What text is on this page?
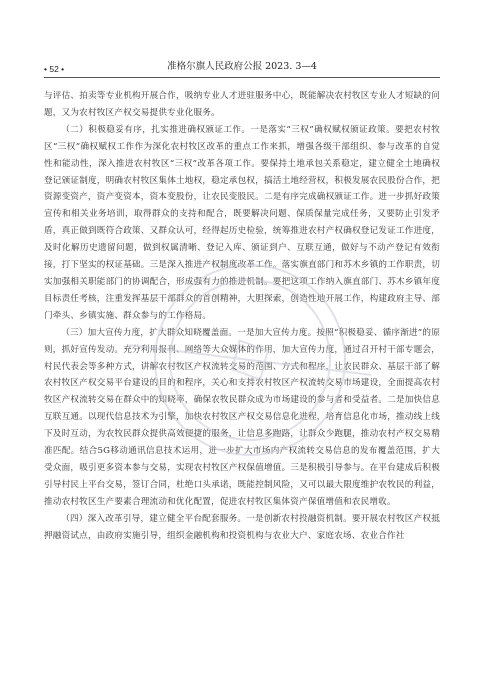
• 52 •	准格尔旗人民政府公报 2023. 3—4

与评估、拍卖等专业机构开展合作，吸纳专业人才进驻服务中心，既能解决农村牧区专业人才短缺的问题，又为农村牧区产权交易提供专业化服务。

（二）积极稳妥有序，扎实推进确权颁证工作。一是落实“三权”确权赋权颁证政策。要把农村牧区“三权”确权赋权工作作为深化农村牧区改革的重点工作来抓，增强各级干部组织、参与改革的自觉性和能动性，深入推进农村牧区“三权”改革各项工作。要保持土地承包关系稳定，建立健全土地确权登记颁证制度，明确农村牧区集体土地权，稳定承包权，搞活土地经营权，积极发展农民股份合作，把资源变资产，资产变资本，资本变股份，让农民变股民。二是有序完成确权颁证工作。进一步抓好政策宣传和相关业务培训，取得群众的支持和配合，既要解决问题、保质保量完成任务，又要防止引发矛盾，真正做到既符合政策、又群众认可，经得起历史检验，统筹推进农村产权确权登记发证工作进度，及时化解历史遗留问题，做到权属清晰、登记入库、颁证到户、互联互通，做好与不动产登记有效衔接，打下坚实的权证基础。三是深入推进产权制度改革工作。落实旗直部门和苏木乡镇的工作职责，切实加强相关职能部门的协调配合，形成强有力的推进机制。要把这项工作纳入旗直部门、苏木乡镇年度目标责任考核，注重发挥基层干部群众的首创精神，大胆探索，创造性地开展工作，构建政府主导、部门牵头、乡镇实施、群众参与的工作格局。

（三）加大宣传力度，扩大群众知晓覆盖面。一是加大宣传力度。按照“积极稳妥、循序渐进”的原则，抓好宣传发动。充分利用报刊、网络等大众媒体的作用，加大宣传力度，通过召开村干部专题会，村民代表会等多种方式，讲解农村牧区产权流转交易的范围、方式和程序，让农民群众、基层干部了解农村牧区产权交易平台建设的目的和程序，关心和支持农村牧区产权流转交易市场建设，全面提高农村牧区产权流转交易在群众中的知晓率，确保农牧民群众成为市场建设的参与者和受益者。二是加快信息互联互通。以现代信息技术为引擎，加快农村牧区产权交易信息化进程，培育信息化市场，推动线上线下及时互动，为农牧民群众提供高效便捷的服务，让信息多跑路，让群众少跑腿，推动农村产权交易精准匹配。结合5G移动通讯信息技术运用，进一步扩大市场内产权流转交易信息的发布覆盖范围，扩大受众面，吸引更多资本参与交易，实现农村牧区产权保值增值。三是积极引导参与。在平台建成后积极引导村民上平台交易，签订合同，杜绝口头承诺，既能控制风险，又可以最大限度维护农牧民的利益，推动农村牧区生产要素合理流动和优化配置，促进农村牧区集体资产保值增值和农民增收。

（四）深入改革引导，建立健全平台配套服务。一是创新农村投融资机制。要开展农村牧区产权抵押融资试点，由政府实施引导，组织金融机构和投资机构与农业大户、家庭农场、农业合作社
